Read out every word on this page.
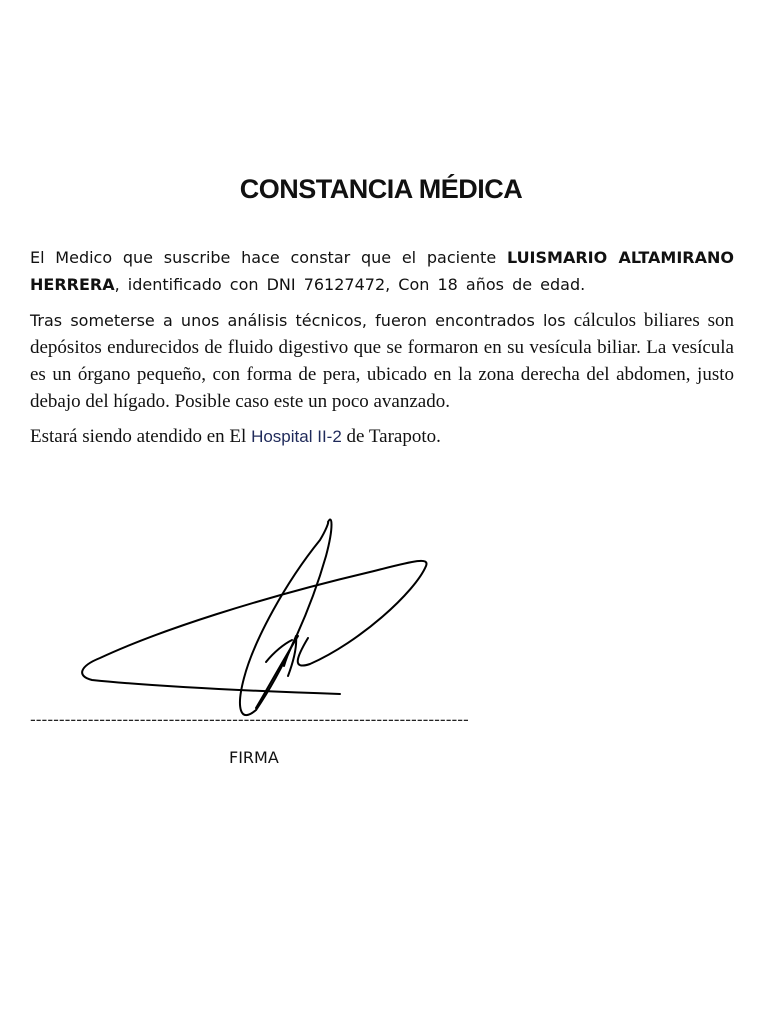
CONSTANCIA MÉDICA

El Medico que suscribe hace constar que el paciente LUISMARIO ALTAMIRANO HERRERA, identificado con DNI 76127472, Con 18 años de edad.

Tras someterse a unos análisis técnicos, fueron encontrados los cálculos biliares son depósitos endurecidos de fluido digestivo que se formaron en su vesícula biliar. La vesícula es un órgano pequeño, con forma de pera, ubicado en la zona derecha del abdomen, justo debajo del hígado. Posible caso este un poco avanzado.

Estará siendo atendido en El Hospital II-2 de Tarapoto.

----------------------------------------------------------------------------
FIRMA
